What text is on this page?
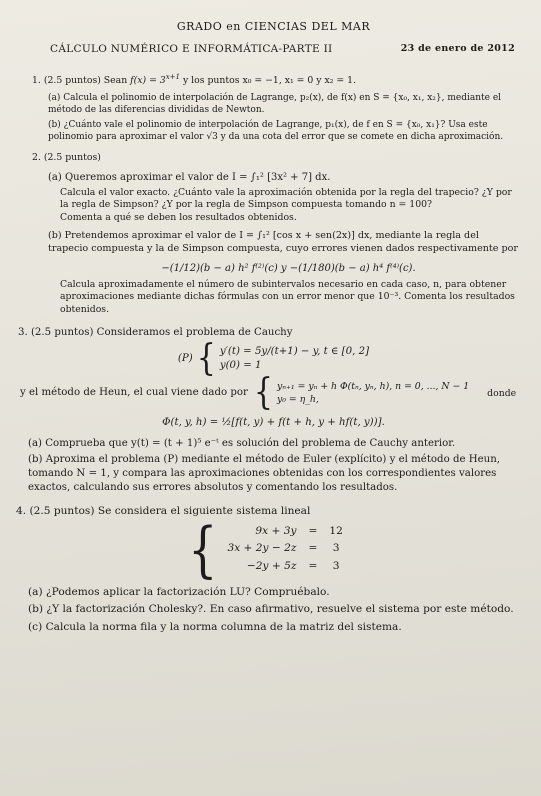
GRADO en CIENCIAS DEL MAR
CÁLCULO NUMÉRICO E INFORMÁTICA-PARTE II	23 de enero de 2012
1. (2.5 puntos) Sean $f(x) = 3^{x+1}$ y los puntos x₀ = −1, x₁ = 0 y x₂ = 1.
(a) Calcula el polinomio de interpolación de Lagrange, p₂(x), de f(x) en S = {x₀, x₁, x₂}, mediante el método de las diferencias divididas de Newton.
(b) ¿Cuánto vale el polinomio de interpolación de Lagrange, p₁(x), de f en S = {x₀, x₁}? Usa este polinomio para aproximar el valor √3 y da una cota del error que se comete en dicha aproximación.
2. (2.5 puntos)
(a) Queremos aproximar el valor de I = ∫₁² [3x² + 7] dx.
Calcula el valor exacto. ¿Cuánto vale la aproximación obtenida por la regla del trapecio? ¿Y por la regla de Simpson? ¿Y por la regla de Simpson compuesta tomando n = 100?
Comenta a qué se deben los resultados obtenidos.
(b) Pretendemos aproximar el valor de I = ∫₁² [cos x + sen(2x)] dx, mediante la regla del trapecio compuesta y la de Simpson compuesta, cuyo errores vienen dados respectivamente por
−(1/12)(b − a) h² f⁽²⁾(c) y −(1/180)(b − a) h⁴ f⁽⁴⁾(c).
Calcula aproximadamente el número de subintervalos necesario en cada caso, n, para obtener aproximaciones mediante dichas fórmulas con un error menor que 10⁻³. Comenta los resultados obtenidos.
3. (2.5 puntos) Consideramos el problema de Cauchy
(P) { y′(t) = 5y/(t+1) − y, t ∈ [0, 2]
y(0) = 1
y el método de Heun, el cual viene dado por { yₙ₊₁ = yₙ + h Φ(tₙ, yₙ, h), n = 0, ..., N − 1
y₀ = η_h,
donde
Φ(t, y, h) = ½[f(t, y) + f(t + h, y + hf(t, y))].
(a) Comprueba que y(t) = (t + 1)⁵ e⁻ᵗ es solución del problema de Cauchy anterior.
(b) Aproxima el problema (P) mediante el método de Euler (explícito) y el método de Heun, tomando N = 1, y compara las aproximaciones obtenidas con los correspondientes valores exactos, calculando sus errores absolutos y comentando los resultados.
4. (2.5 puntos) Se considera el siguiente sistema lineal
{	9x + 3y	=	12
3x + 2y − 2z	=	3
−2y + 5z	=	3
(a) ¿Podemos aplicar la factorización LU? Compruébalo.
(b) ¿Y la factorización Cholesky?. En caso afirmativo, resuelve el sistema por este método.
(c) Calcula la norma fila y la norma columna de la matriz del sistema.
